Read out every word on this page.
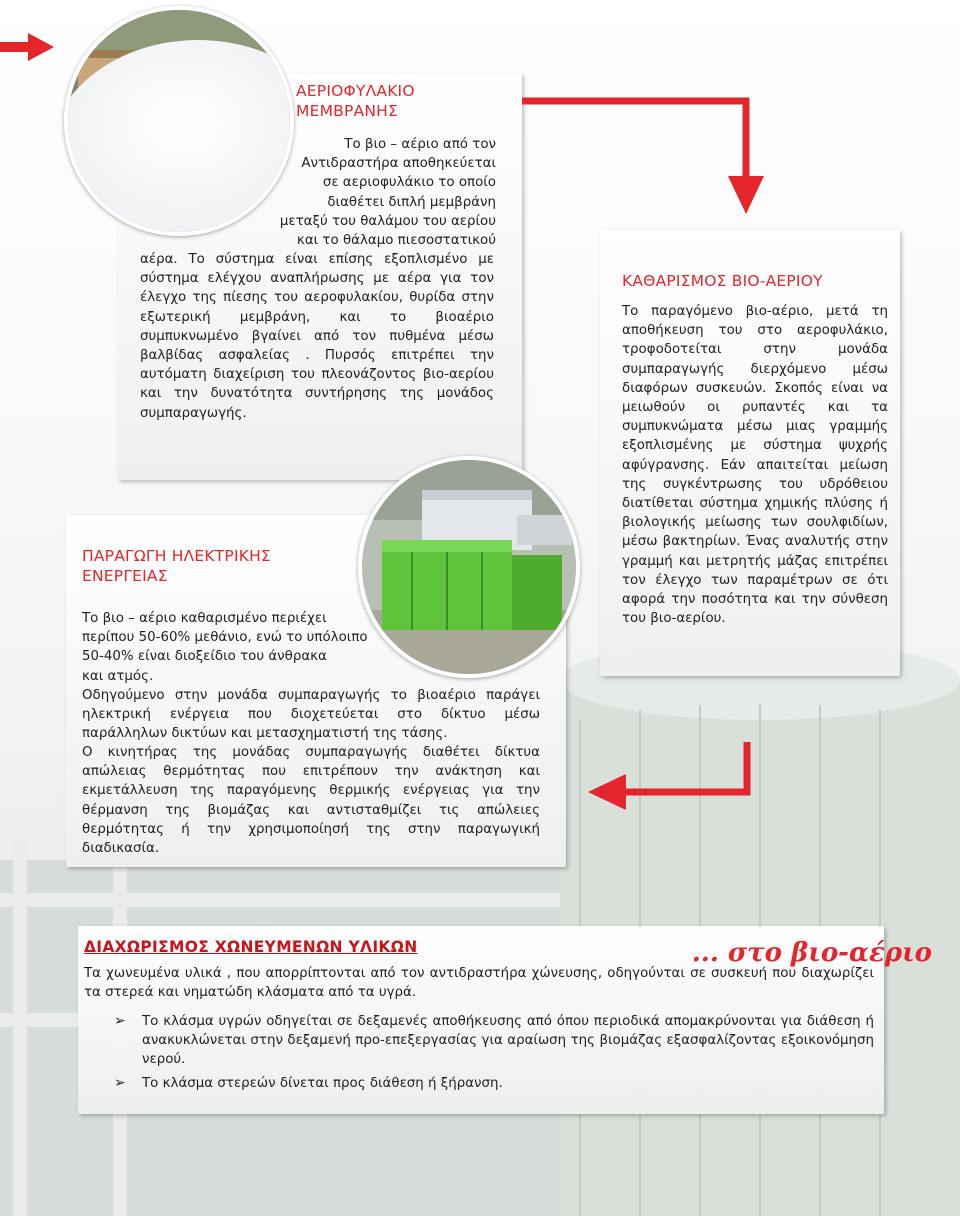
ΑΕΡΙΟΦΥΛΑΚΙΟ
ΜΕΜΒΡΑΝΗΣ
Το βιο – αέριο από τον
Αντιδραστήρα αποθηκεύεται
σε αεριοφυλάκιο το οποίο
διαθέτει διπλή μεμβράνη
μεταξύ του θαλάμου του αερίου
και το θάλαμο πιεσοστατικού
αέρα. Το σύστημα είναι επίσης εξοπλισμένο με σύστημα ελέγχου αναπλήρωσης με αέρα για τον έλεγχο της πίεσης του αεροφυλακίου, θυρίδα στην εξωτερική μεμβράνη, και το βιοαέριο συμπυκνωμένο βγαίνει από τον πυθμένα μέσω βαλβίδας ασφαλείας . Πυρσός επιτρέπει την αυτόματη διαχείριση του πλεονάζοντος βιο-αερίου και την δυνατότητα συντήρησης της μονάδος συμπαραγωγής.
ΚΑΘΑΡΙΣΜΟΣ ΒΙΟ-ΑΕΡΙΟΥ
Το παραγόμενο βιο-αέριο, μετά τη αποθήκευση του στο αεροφυλάκιο, τροφοδοτείται στην μονάδα συμπαραγωγής διερχόμενο μέσω διαφόρων συσκευών. Σκοπός είναι να μειωθούν οι ρυπαντές και τα συμπυκνώματα μέσω μιας γραμμής εξοπλισμένης με σύστημα ψυχρής αφύγρανσης. Εάν απαιτείται μείωση της συγκέντρωσης του υδρόθειου διατίθεται σύστημα χημικής πλύσης ή βιολογικής μείωσης των σουλφιδίων, μέσω βακτηρίων. Ένας αναλυτής στην γραμμή και μετρητής μάζας επιτρέπει τον έλεγχο των παραμέτρων σε ότι αφορά την ποσότητα και την σύνθεση του βιο-αερίου.
ΠΑΡΑΓΩΓΗ ΗΛΕΚΤΡΙΚΗΣ
ΕΝΕΡΓΕΙΑΣ
Το βιο – αέριο καθαρισμένο περιέχει
περίπου 50-60% μεθάνιο, ενώ το υπόλοιπο
50-40% είναι διοξείδιο του άνθρακα
και ατμός.
Οδηγούμενο στην μονάδα συμπαραγωγής το βιοαέριο παράγει ηλεκτρική ενέργεια που διοχετεύεται στο δίκτυο μέσω παράλληλων δικτύων και μετασχηματιστή της τάσης.
Ο κινητήρας της μονάδας συμπαραγωγής διαθέτει δίκτυα απώλειας θερμότητας που επιτρέπουν την ανάκτηση και εκμετάλλευση της παραγόμενης θερμικής ενέργειας για την θέρμανση της βιομάζας και αντισταθμίζει τις απώλειες θερμότητας ή την χρησιμοποίησή της στην παραγωγική διαδικασία.
ΔΙΑΧΩΡΙΣΜΟΣ ΧΩΝΕΥΜΕΝΩΝ ΥΛΙΚΩΝ
Τα χωνευμένα υλικά , που απορρίπτονται από τον αντιδραστήρα χώνευσης, οδηγούνται σε συσκευή που διαχωρίζει τα στερεά και νηματώδη κλάσματα από τα υγρά.
➢ Το κλάσμα υγρών οδηγείται σε δεξαμενές αποθήκευσης από όπου περιοδικά απομακρύνονται για διάθεση ή ανακυκλώνεται στην δεξαμενή προ-επεξεργασίας για αραίωση της βιομάζας εξασφαλίζοντας εξοικονόμηση νερού.
➢ Το κλάσμα στερεών δίνεται προς διάθεση ή ξήρανση.
... στο βιο-αέριο
